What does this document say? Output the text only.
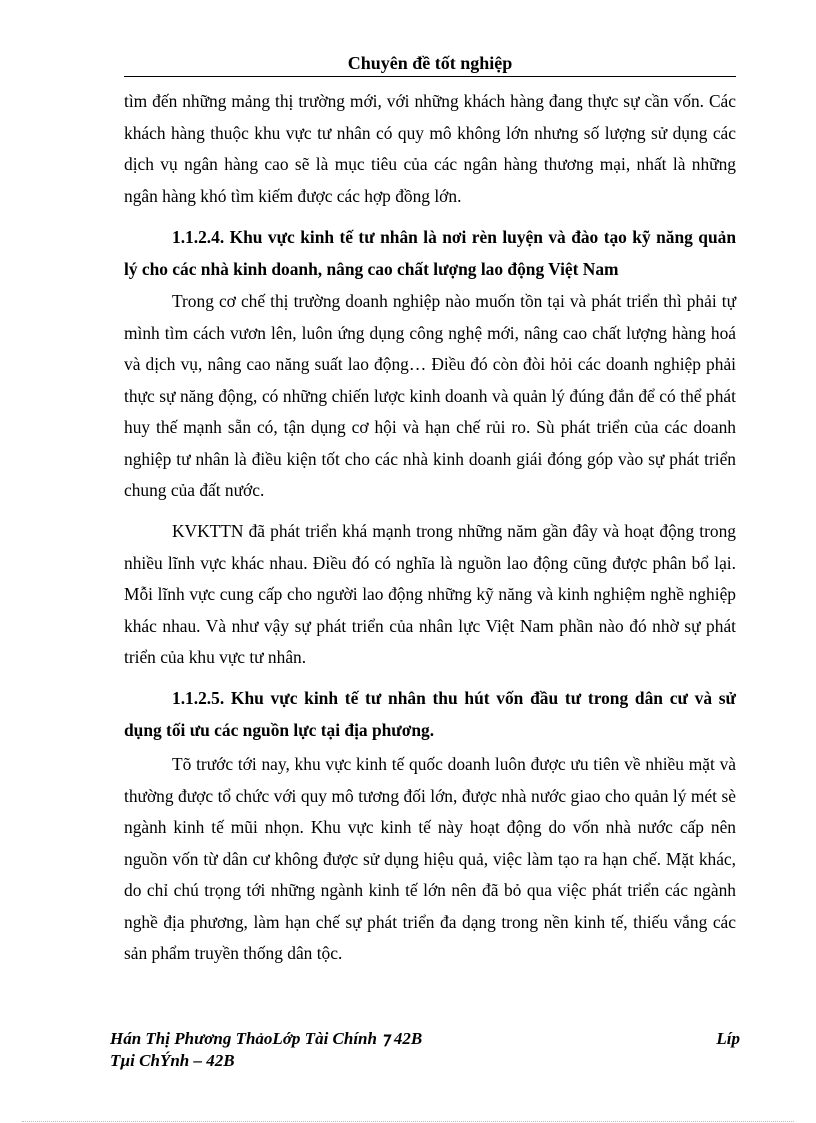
Chuyên đề tốt nghiệp

tìm đến những mảng thị trường mới, với những khách hàng đang thực sự cần vốn. Các khách hàng thuộc khu vực tư nhân có quy mô không lớn nhưng số lượng sử dụng các dịch vụ ngân hàng cao sẽ là mục tiêu của các ngân hàng thương mại, nhất là những ngân hàng khó tìm kiếm được các hợp đồng lớn.

1.1.2.4. Khu vực kinh tế tư nhân là nơi rèn luyện và đào tạo kỹ năng quản lý cho các nhà kinh doanh, nâng cao chất lượng lao động Việt Nam

Trong cơ chế thị trường doanh nghiệp nào muốn tồn tại và phát triển thì phải tự mình tìm cách vươn lên, luôn ứng dụng công nghệ mới, nâng cao chất lượng hàng hoá và dịch vụ, nâng cao năng suất lao động… Điều đó còn đòi hỏi các doanh nghiệp phải thực sự năng động, có những chiến lược kinh doanh và quản lý đúng đắn để có thể phát huy thế mạnh sẵn có, tận dụng cơ hội và hạn chế rủi ro. Sù phát triển của các doanh nghiệp tư nhân là điều kiện tốt cho các nhà kinh doanh giái đóng góp vào sự phát triển chung của đất nước.

KVKTTN đã phát triển khá mạnh trong những năm gần đây và hoạt động trong nhiều lĩnh vực khác nhau. Điều đó có nghĩa là nguồn lao động cũng được phân bổ lại. Mỗi lĩnh vực cung cấp cho người lao động những kỹ năng và kinh nghiệm nghề nghiệp khác nhau. Và như vậy sự phát triển của nhân lực Việt Nam phần nào đó nhờ sự phát triển của khu vực tư nhân.

1.1.2.5. Khu vực kinh tế tư nhân thu hút vốn đầu tư trong dân cư và sử dụng tối ưu các nguồn lực tại địa phương.

Tõ trước tới nay, khu vực kinh tế quốc doanh luôn được ưu tiên về nhiều mặt và thường được tổ chức với quy mô tương đối lớn, được nhà nước giao cho quản lý mét sè ngành kinh tế mũi nhọn. Khu vực kinh tế này hoạt động do vốn nhà nước cấp nên nguồn vốn từ dân cư không được sử dụng hiệu quả, việc làm tạo ra hạn chế. Mặt khác, do chỉ chú trọng tới những ngành kinh tế lớn nên đã bỏ qua việc phát triển các ngành nghề địa phương, làm hạn chế sự phát triển đa dạng trong nền kinh tế, thiếu vắng các sản phẩm truyền thống dân tộc.

Hán Thị Phương ThảoLớp Tài Chính ⁊ 42B	Líp
Tµi ChÝnh – 42B
